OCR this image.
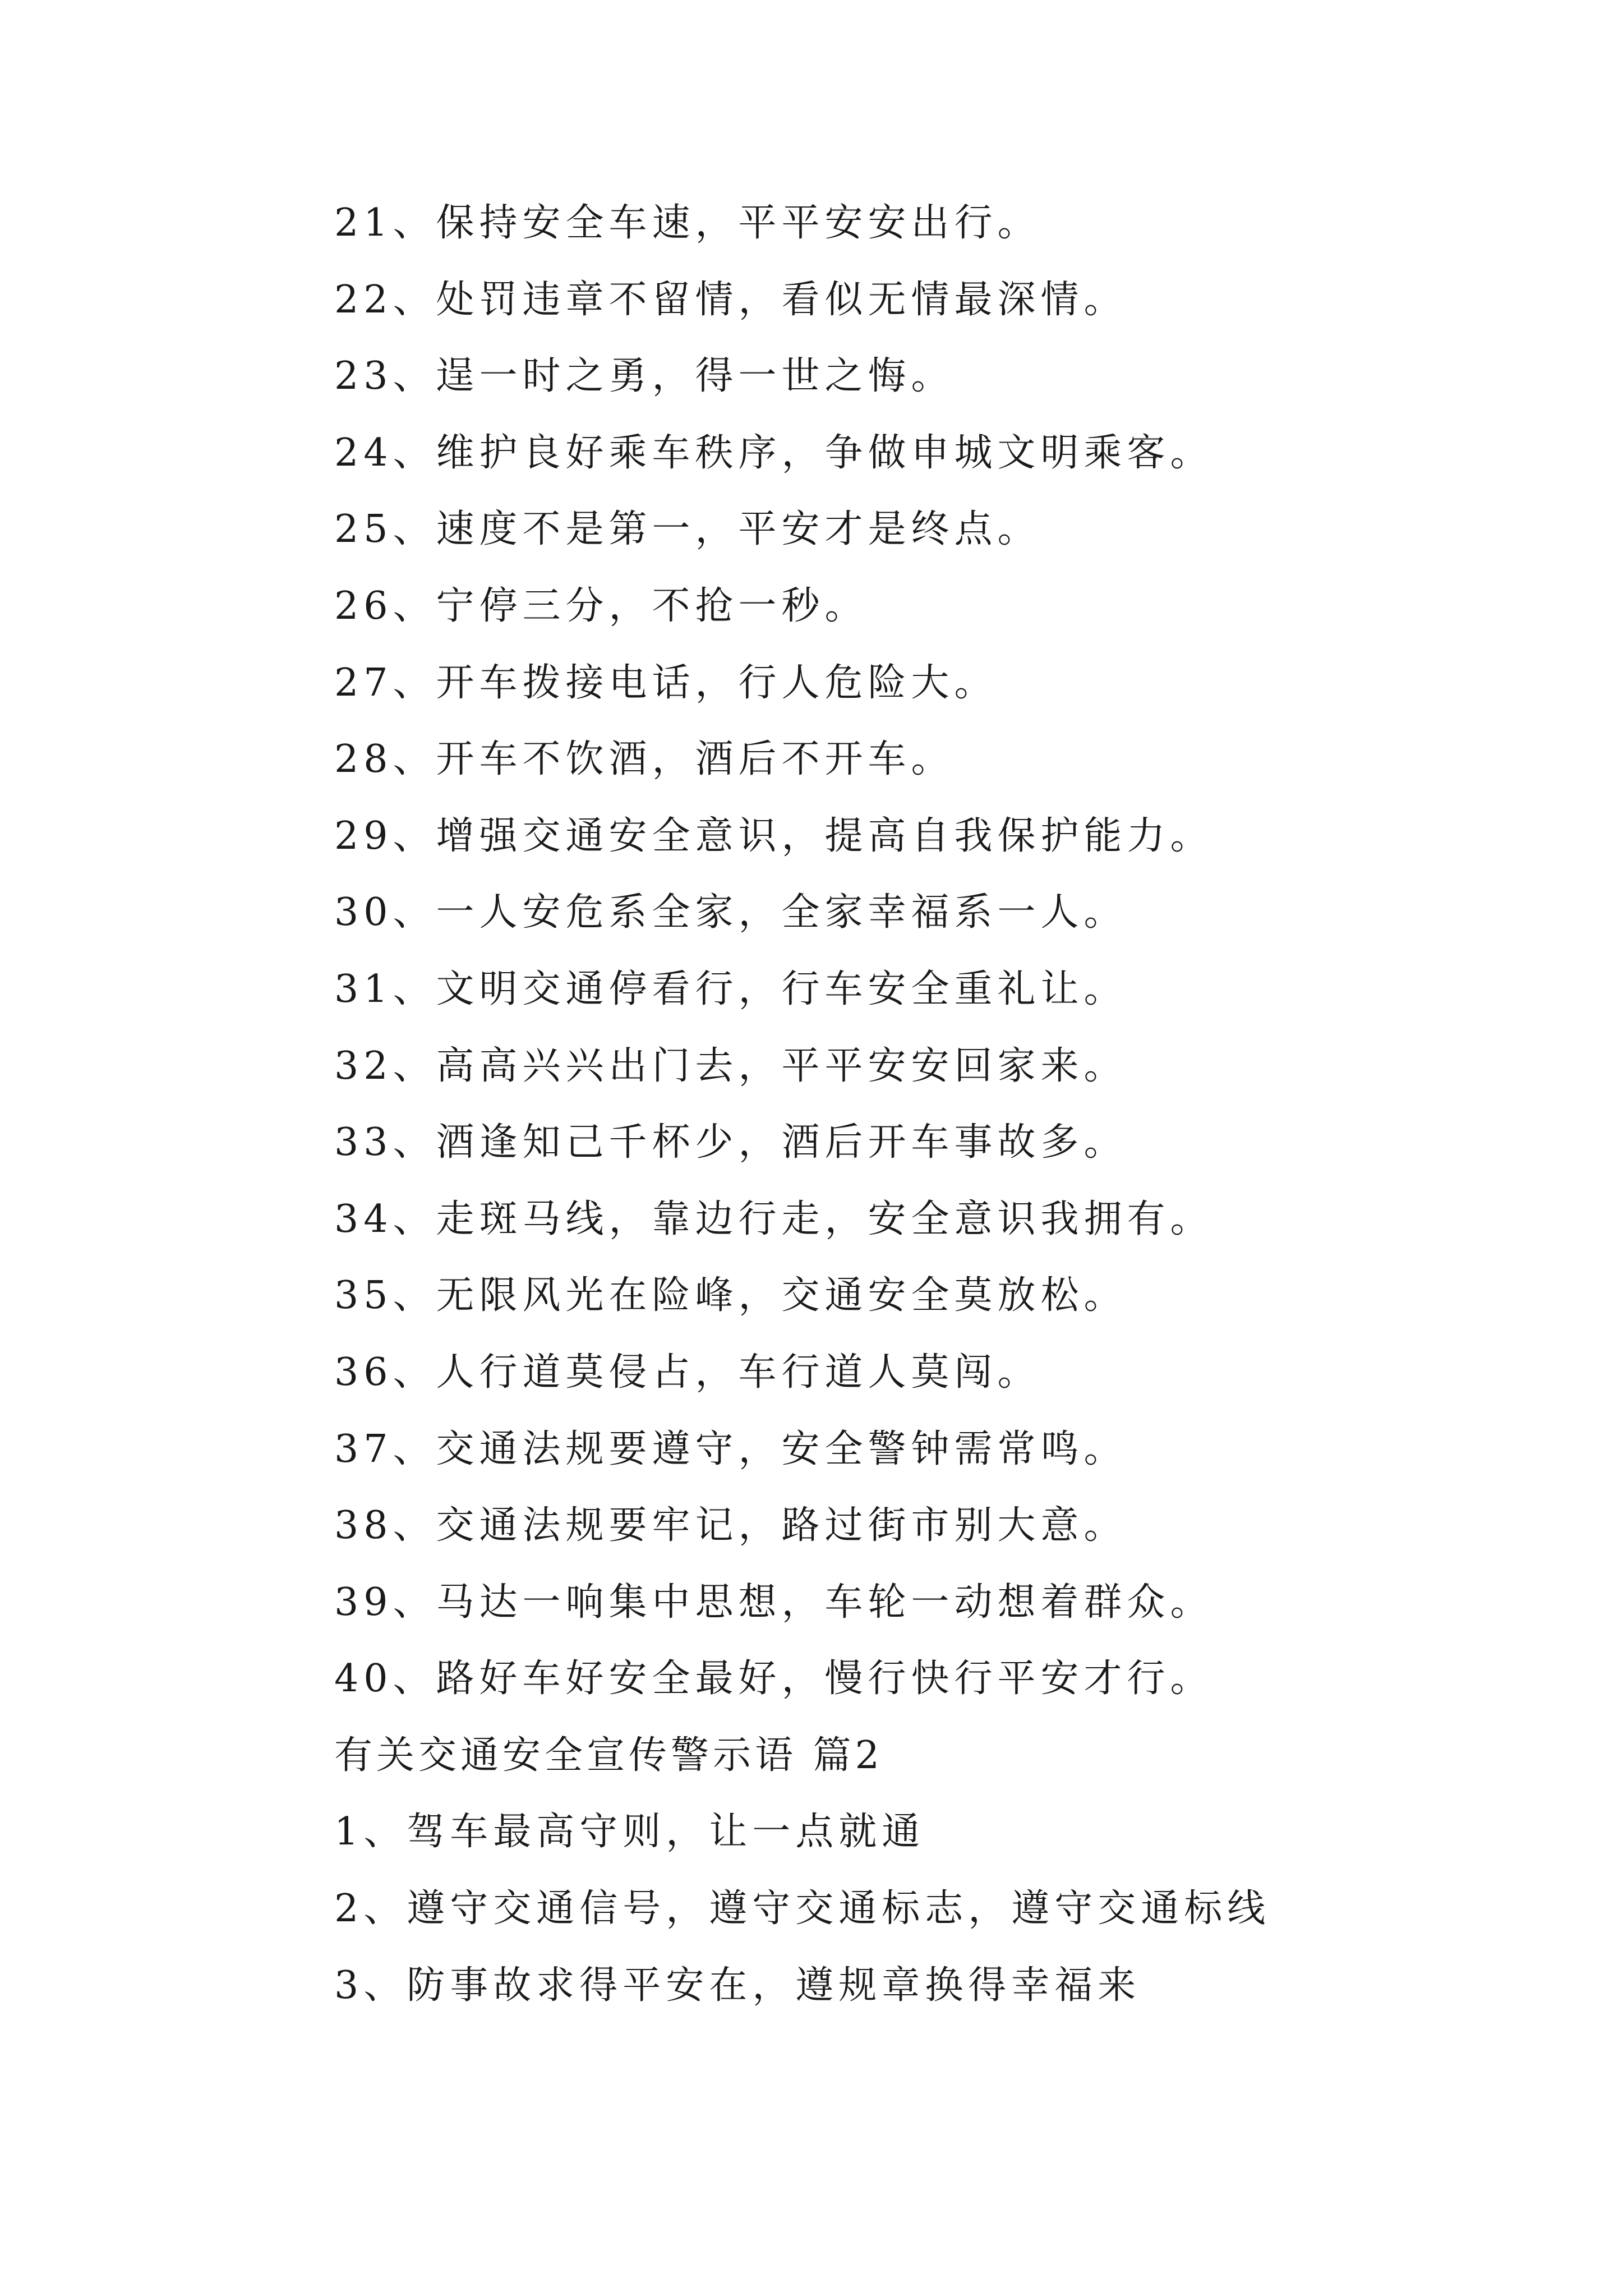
21、保持安全车速，平平安安出行。
22、处罚违章不留情，看似无情最深情。
23、逞一时之勇，得一世之悔。
24、维护良好乘车秩序，争做申城文明乘客。
25、速度不是第一，平安才是终点。
26、宁停三分，不抢一秒。
27、开车拨接电话，行人危险大。
28、开车不饮酒，酒后不开车。
29、增强交通安全意识，提高自我保护能力。
30、一人安危系全家，全家幸福系一人。
31、文明交通停看行，行车安全重礼让。
32、高高兴兴出门去，平平安安回家来。
33、酒逢知己千杯少，酒后开车事故多。
34、走斑马线，靠边行走，安全意识我拥有。
35、无限风光在险峰，交通安全莫放松。
36、人行道莫侵占，车行道人莫闯。
37、交通法规要遵守，安全警钟需常鸣。
38、交通法规要牢记，路过街市别大意。
39、马达一响集中思想，车轮一动想着群众。
40、路好车好安全最好，慢行快行平安才行。
有关交通安全宣传警示语 篇2
1、驾车最高守则，让一点就通
2、遵守交通信号，遵守交通标志，遵守交通标线
3、防事故求得平安在，遵规章换得幸福来
